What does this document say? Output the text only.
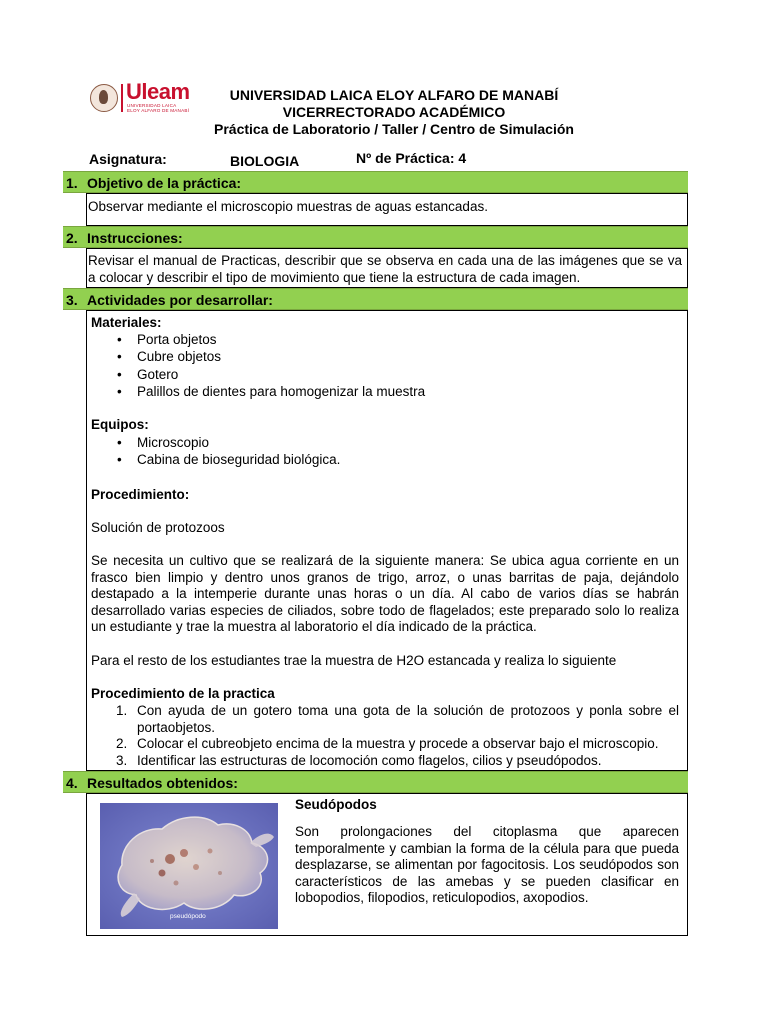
Uleam
UNIVERSIDAD LAICA
ELOY ALFARO DE MANABÍ
UNIVERSIDAD LAICA ELOY ALFARO DE MANABÍ
VICERRECTORADO ACADÉMICO
Práctica de Laboratorio / Taller / Centro de Simulación
Asignatura:	BIOLOGIA	Nº de Práctica: 4
1. Objetivo de la práctica:
Observar mediante el microscopio muestras de aguas estancadas.
2. Instrucciones:
Revisar el manual de Practicas, describir que se observa en cada una de las imágenes que se va a colocar y describir el tipo de movimiento que tiene la estructura de cada imagen.
3. Actividades por desarrollar:
Materiales:
• Porta objetos
• Cubre objetos
• Gotero
• Palillos de dientes para homogenizar la muestra
Equipos:
• Microscopio
• Cabina de bioseguridad biológica.
Procedimiento:
Solución de protozoos
Se necesita un cultivo que se realizará de la siguiente manera: Se ubica agua corriente en un frasco bien limpio y dentro unos granos de trigo, arroz, o unas barritas de paja, dejándolo destapado a la intemperie durante unas horas o un día. Al cabo de varios días se habrán desarrollado varias especies de ciliados, sobre todo de flagelados; este preparado solo lo realiza un estudiante y trae la muestra al laboratorio el día indicado de la práctica.
Para el resto de los estudiantes trae la muestra de H2O estancada y realiza lo siguiente
Procedimiento de la practica
1. Con ayuda de un gotero toma una gota de la solución de protozoos y ponla sobre el portaobjetos.
2. Colocar el cubreobjeto encima de la muestra y procede a observar bajo el microscopio.
3. Identificar las estructuras de locomoción como flagelos, cilios y pseudópodos.
4. Resultados obtenidos:
pseudópodo
Seudópodos
Son prolongaciones del citoplasma que aparecen temporalmente y cambian la forma de la célula para que pueda desplazarse, se alimentan por fagocitosis. Los seudópodos son característicos de las amebas y se pueden clasificar en lobopodios, filopodios, reticulopodios, axopodios.
